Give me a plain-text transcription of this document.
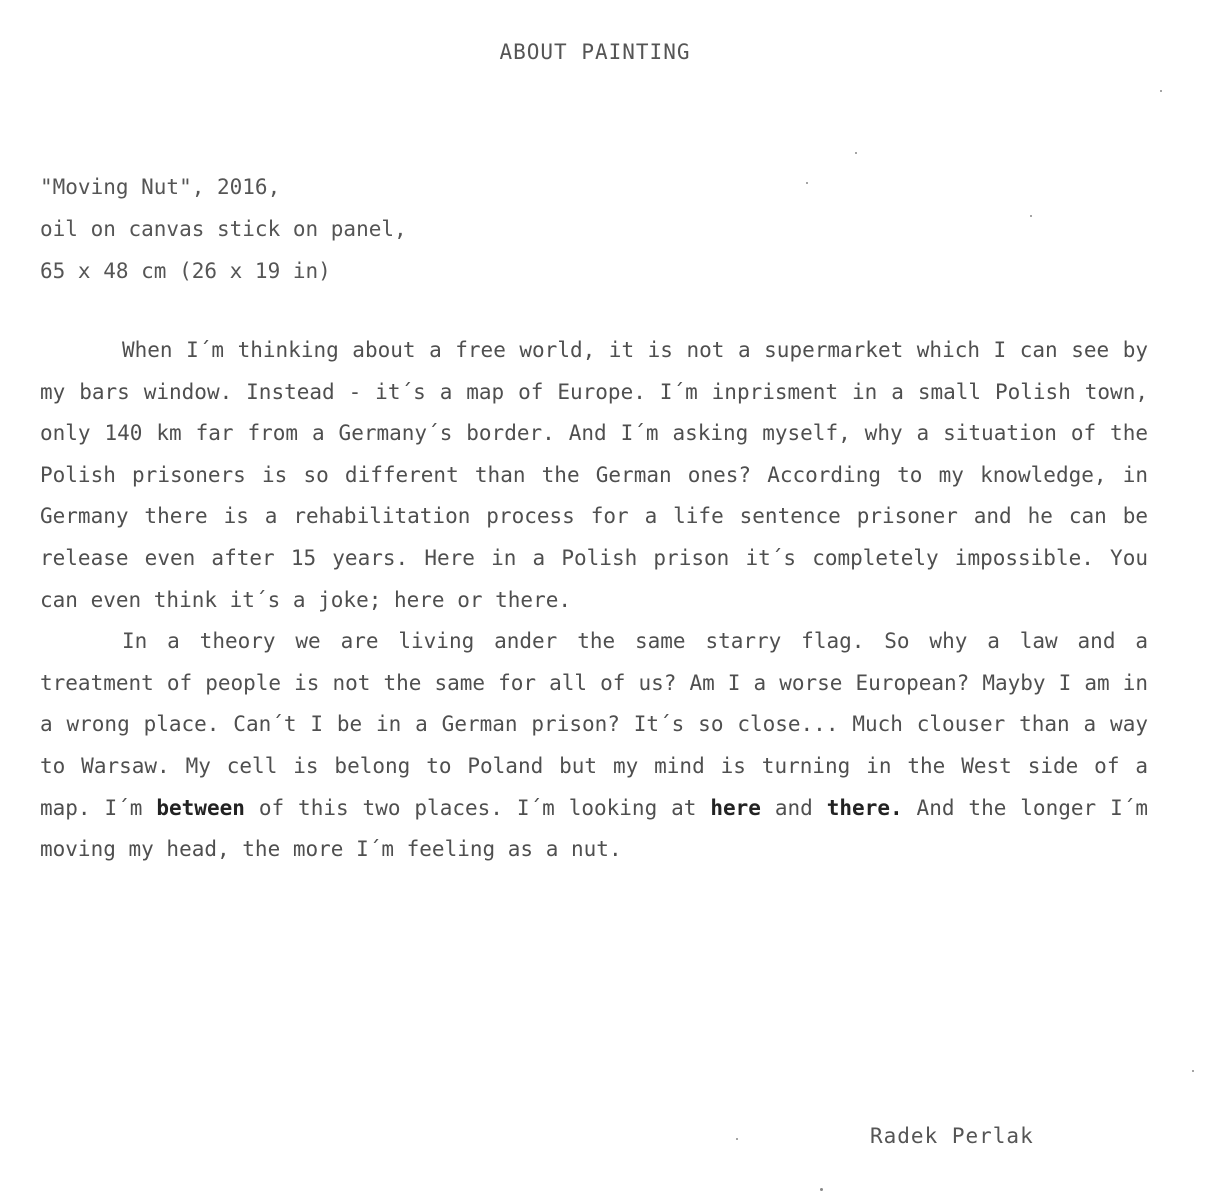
ABOUT PAINTING
"Moving Nut", 2016,
oil on canvas stick on panel,
65 x 48 cm (26 x 19 in)

When I´m thinking about a free world, it is not a supermarket which I can see by my bars window. Instead - it´s a map of Europe. I´m inprisment in a small Polish town, only 140 km far from a Germany´s border. And I´m asking myself, why a situation of the Polish prisoners is so different than the German ones? According to my knowledge, in Germany there is a rehabilitation process for a life sentence prisoner and he can be release even after 15 years. Here in a Polish prison it´s completely impossible. You can even think it´s a joke; here or there.

In a theory we are living ander the same starry flag. So why a law and a treatment of people is not the same for all of us? Am I a worse European? Mayby I am in a wrong place. Can´t I be in a German prison? It´s so close... Much clouser than a way to Warsaw. My cell is belong to Poland but my mind is turning in the West side of a map. I´m between of this two places. I´m looking at here and there. And the longer I´m moving my head, the more I´m feeling as a nut.

Radek Perlak
